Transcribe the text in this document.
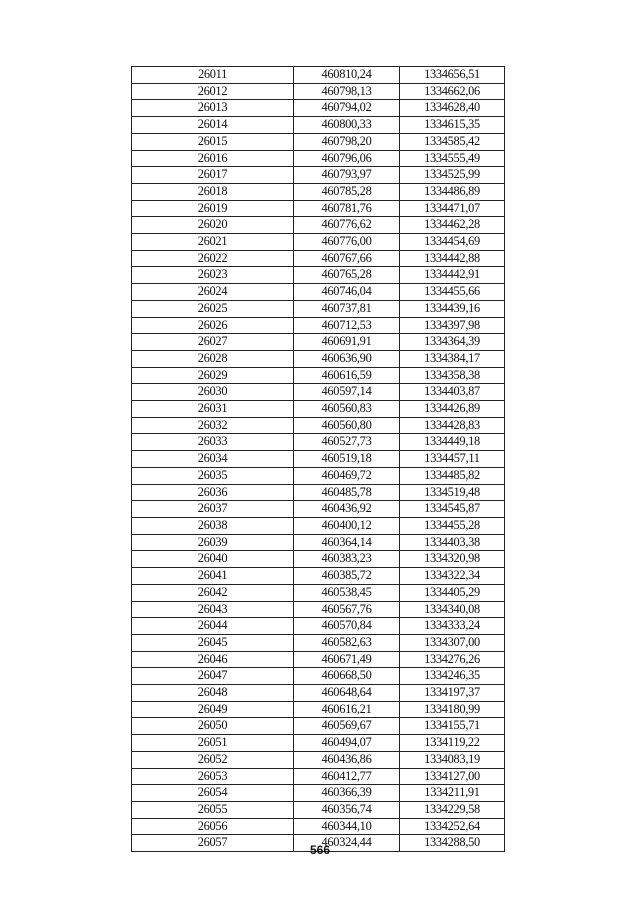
26011	460810,24	1334656,51
26012	460798,13	1334662,06
26013	460794,02	1334628,40
26014	460800,33	1334615,35
26015	460798,20	1334585,42
26016	460796,06	1334555,49
26017	460793,97	1334525,99
26018	460785,28	1334486,89
26019	460781,76	1334471,07
26020	460776,62	1334462,28
26021	460776,00	1334454,69
26022	460767,66	1334442,88
26023	460765,28	1334442,91
26024	460746,04	1334455,66
26025	460737,81	1334439,16
26026	460712,53	1334397,98
26027	460691,91	1334364,39
26028	460636,90	1334384,17
26029	460616,59	1334358,38
26030	460597,14	1334403,87
26031	460560,83	1334426,89
26032	460560,80	1334428,83
26033	460527,73	1334449,18
26034	460519,18	1334457,11
26035	460469,72	1334485,82
26036	460485,78	1334519,48
26037	460436,92	1334545,87
26038	460400,12	1334455,28
26039	460364,14	1334403,38
26040	460383,23	1334320,98
26041	460385,72	1334322,34
26042	460538,45	1334405,29
26043	460567,76	1334340,08
26044	460570,84	1334333,24
26045	460582,63	1334307,00
26046	460671,49	1334276,26
26047	460668,50	1334246,35
26048	460648,64	1334197,37
26049	460616,21	1334180,99
26050	460569,67	1334155,71
26051	460494,07	1334119,22
26052	460436,86	1334083,19
26053	460412,77	1334127,00
26054	460366,39	1334211,91
26055	460356,74	1334229,58
26056	460344,10	1334252,64
26057	460324,44	1334288,50
566
